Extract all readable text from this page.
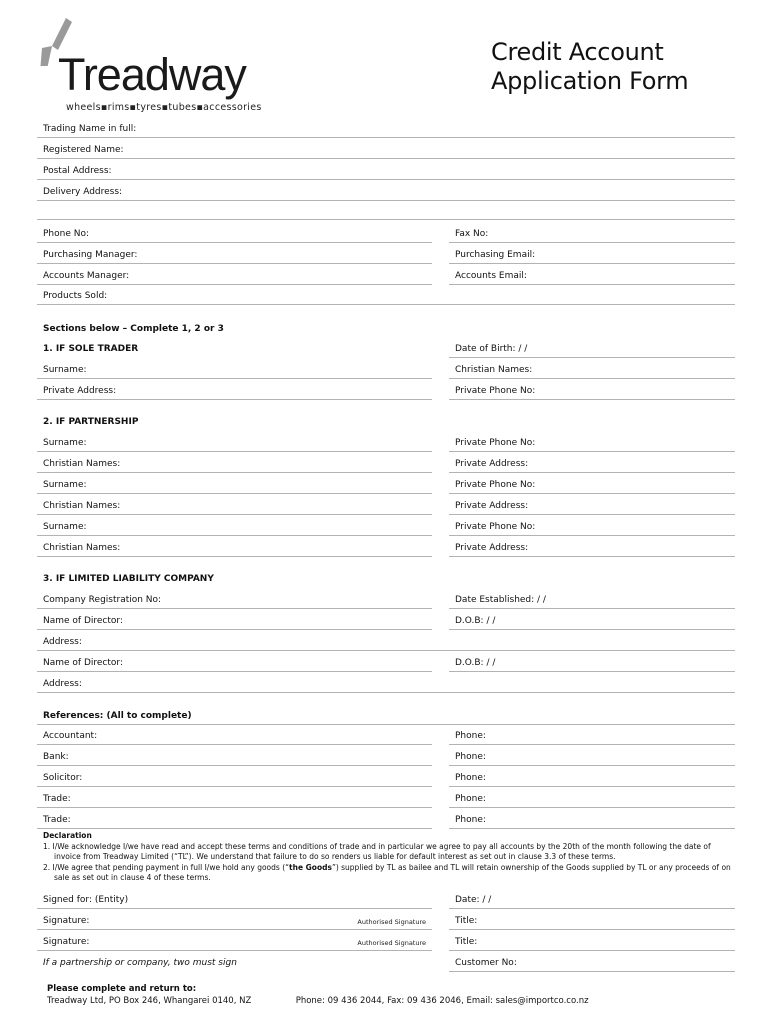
Treadway
wheels▪rims▪tyres▪tubes▪accessories
Credit Account
Application Form
Trading Name in full:
Registered Name:
Postal Address:
Delivery Address:
Phone No:	Fax No:
Purchasing Manager:	Purchasing Email:
Accounts Manager:	Accounts Email:
Products Sold:
Sections below – Complete 1, 2 or 3
1. IF SOLE TRADER	Date of Birth: / /
Surname:	Christian Names:
Private Address:	Private Phone No:
2. IF PARTNERSHIP
Surname:	Private Phone No:
Christian Names:	Private Address:
Surname:	Private Phone No:
Christian Names:	Private Address:
Surname:	Private Phone No:
Christian Names:	Private Address:
3. IF LIMITED LIABILITY COMPANY
Company Registration No:	Date Established: / /
Name of Director:	D.O.B: / /
Address:
Name of Director:	D.O.B: / /
Address:
References: (All to complete)
Accountant:	Phone:
Bank:	Phone:
Solicitor:	Phone:
Trade:	Phone:
Trade:	Phone:
Declaration

1. I/We acknowledge I/we have read and accept these terms and conditions of trade and in particular we agree to pay all accounts by the 20th of the month following the date of invoice from Treadway Limited (“TL”). We understand that failure to do so renders us liable for default interest as set out in clause 3.3 of these terms.

2. I/We agree that pending payment in full I/we hold any goods (“the Goods”) supplied by TL as bailee and TL will retain ownership of the Goods supplied by TL or any proceeds of on sale as set out in clause 4 of these terms.

Signed for: (Entity)	Date: / /
Signature:	Authorised Signature	Title:
Signature:	Authorised Signature	Title:
If a partnership or company, two must sign	Customer No:
Please complete and return to:
Treadway Ltd, PO Box 246, Whangarei 0140, NZ	Phone: 09 436 2044, Fax: 09 436 2046, Email: sales@importco.co.nz
